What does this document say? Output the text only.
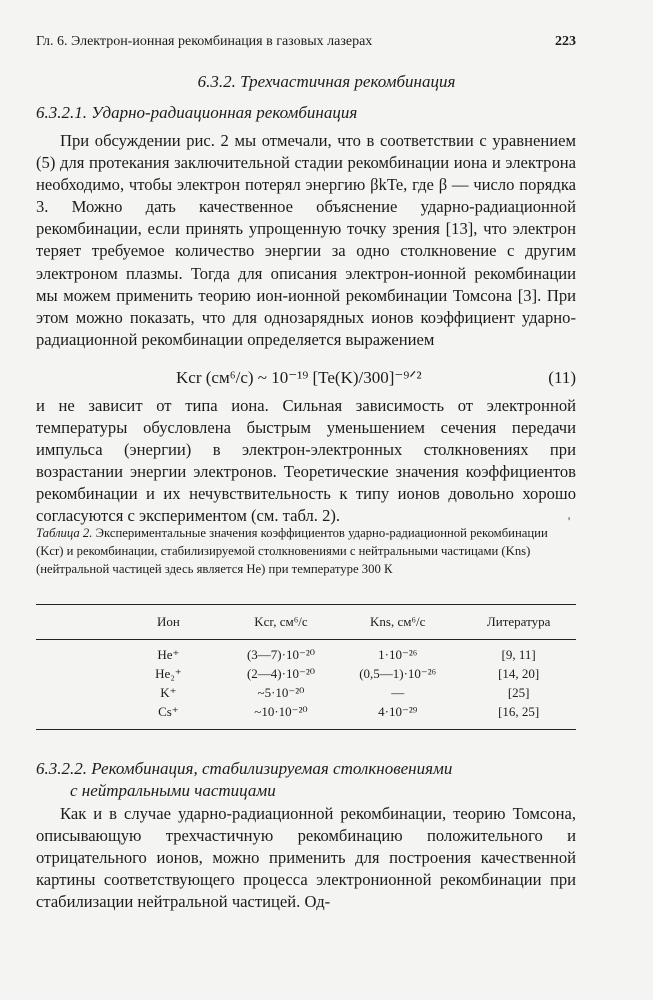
Гл. 6. Электрон-ионная рекомбинация в газовых лазерах	223
6.3.2. Трехчастичная рекомбинация
6.3.2.1. Ударно-радиационная рекомбинация
При обсуждении рис. 2 мы отмечали, что в соответствии с уравнением (5) для протекания заключительной стадии рекомбинации иона и электрона необходимо, чтобы электрон потерял энергию βkTe, где β — число порядка 3. Можно дать качественное объяснение ударно-радиационной рекомбинации, если принять упрощенную точку зрения [13], что электрон теряет требуемое количество энергии за одно столкновение с другим электроном плазмы. Тогда для описания электрон-ионной рекомбинации мы можем применить теорию ион-ионной рекомбинации Томсона [3]. При этом можно показать, что для однозарядных ионов коэффициент ударно-радиационной рекомбинации определяется выражением
Kcr (см⁶/с) ~ 10⁻¹⁹ [Te(K)/300]⁻⁹ᐟ²	(11)
и не зависит от типа иона. Сильная зависимость от электронной температуры обусловлена быстрым уменьшением сечения передачи импульса (энергии) в электрон-электронных столкновениях при возрастании энергии электронов. Теоретические значения коэффициентов рекомбинации и их нечувствительность к типу ионов довольно хорошо согласуются с экспериментом (см. табл. 2).	'
Таблица 2. Экспериментальные значения коэффициентов ударно-радиационной рекомбинации (Kcr) и рекомбинации, стабилизируемой столкновениями с нейтральными частицами (Kns) (нейтральной частицей здесь является He) при температуре 300 К
	Ион	Kcr, см⁶/с	Kns, см⁶/с	Литература
	He⁺	(3—7)·10⁻²⁰	1·10⁻²⁶	[9, 11]
	He₂⁺	(2—4)·10⁻²⁰	(0,5—1)·10⁻²⁶	[14, 20]
	K⁺	~5·10⁻²⁰	—	[25]
	Cs⁺	~10·10⁻²⁰	4·10⁻²⁹	[16, 25]
6.3.2.2. Рекомбинация, стабилизируемая столкновениями
с нейтральными частицами
Как и в случае ударно-радиационной рекомбинации, теорию Томсона, описывающую трехчастичную рекомбинацию положительного и отрицательного ионов, можно применить для построения качественной картины соответствующего процесса электронионной рекомбинации при стабилизации нейтральной частицей. Од-
